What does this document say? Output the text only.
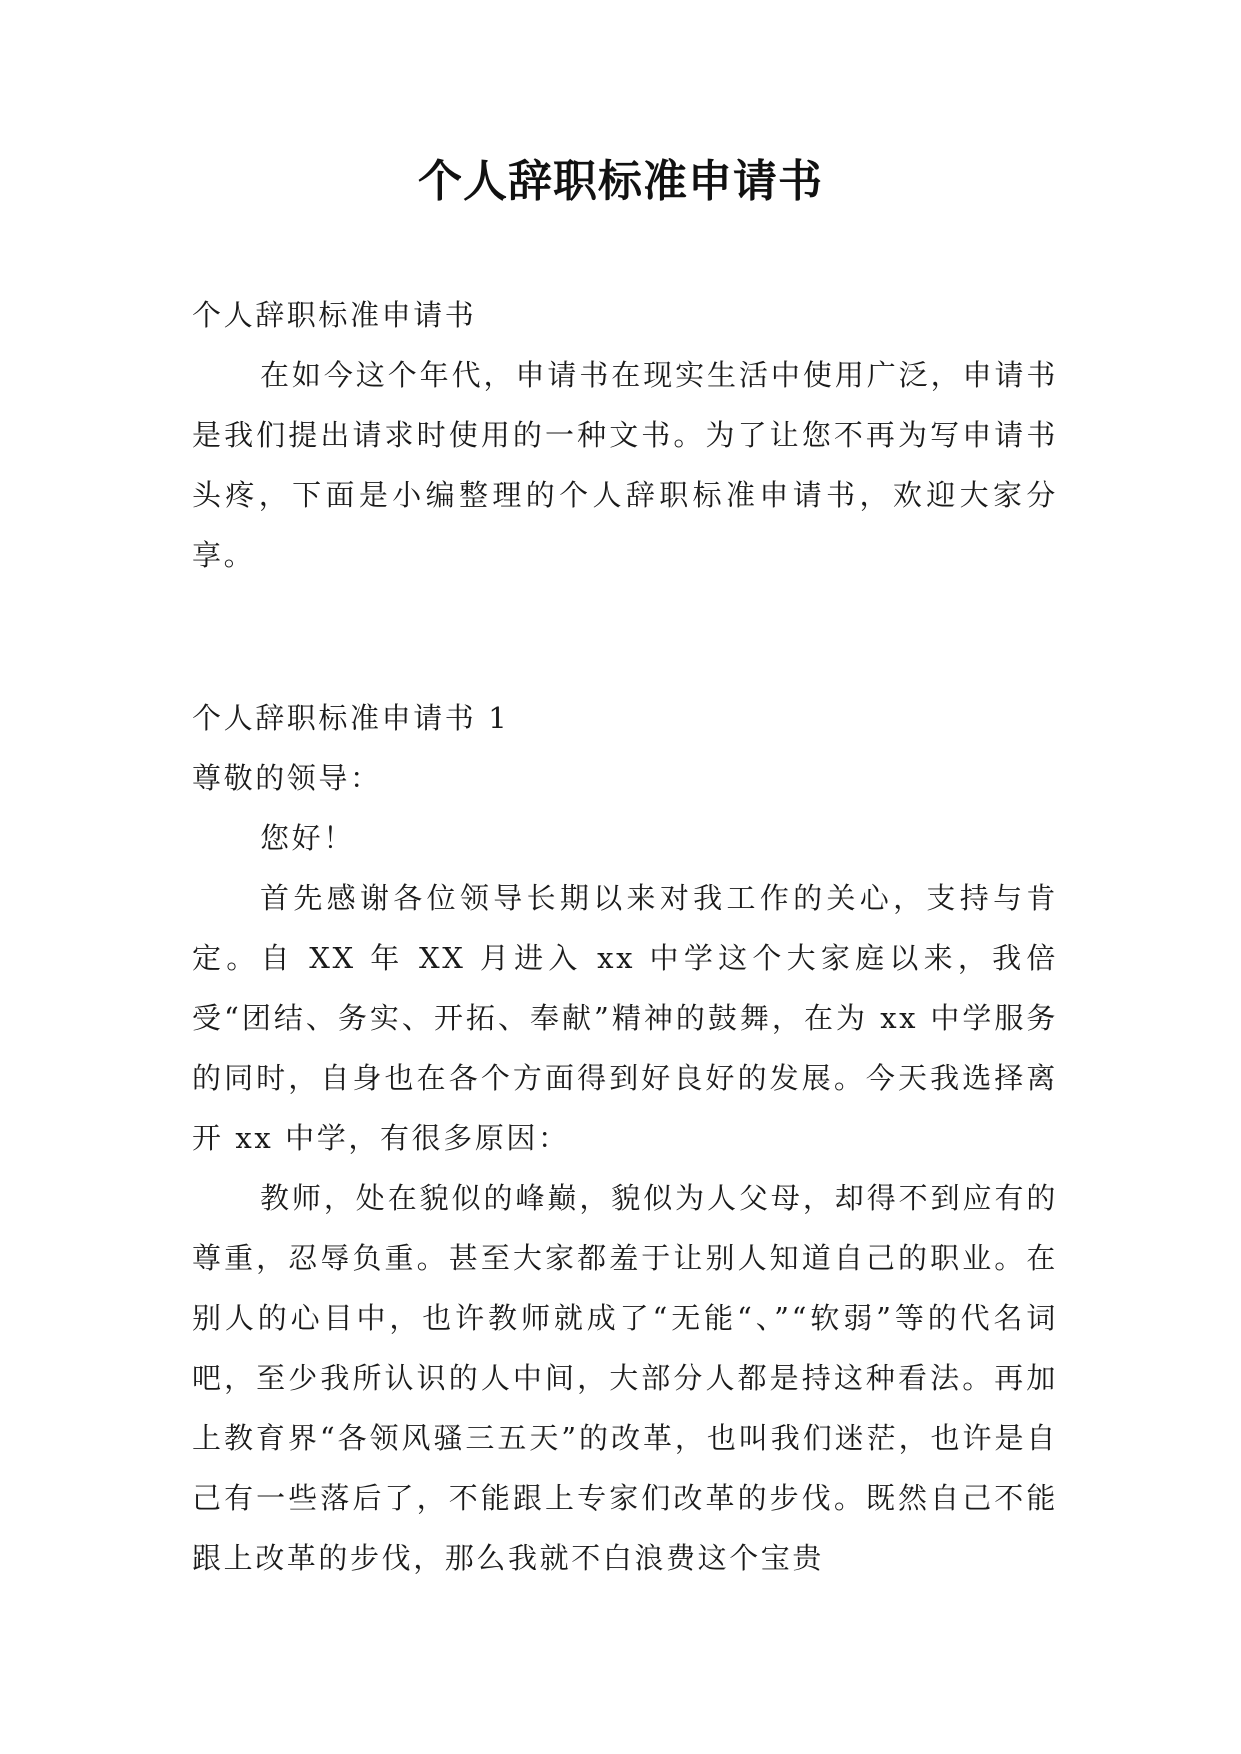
个人辞职标准申请书

个人辞职标准申请书

在如今这个年代，申请书在现实生活中使用广泛，申请书是我们提出请求时使用的一种文书。为了让您不再为写申请书头疼，下面是小编整理的个人辞职标准申请书，欢迎大家分享。

个人辞职标准申请书 1

尊敬的领导：

您好！

首先感谢各位领导长期以来对我工作的关心，支持与肯定。自 XX 年 XX 月进入 xx 中学这个大家庭以来，我倍受“团结、务实、开拓、奉献”精神的鼓舞，在为 xx 中学服务的同时，自身也在各个方面得到好良好的发展。今天我选择离开 xx 中学，有很多原因：

教师，处在貌似的峰巅，貌似为人父母，却得不到应有的尊重，忍辱负重。甚至大家都羞于让别人知道自己的职业。在别人的心目中，也许教师就成了“无能“、”“软弱”等的代名词吧，至少我所认识的人中间，大部分人都是持这种看法。再加上教育界“各领风骚三五天”的改革，也叫我们迷茫，也许是自己有一些落后了，不能跟上专家们改革的步伐。既然自己不能跟上改革的步伐，那么我就不白浪费这个宝贵
